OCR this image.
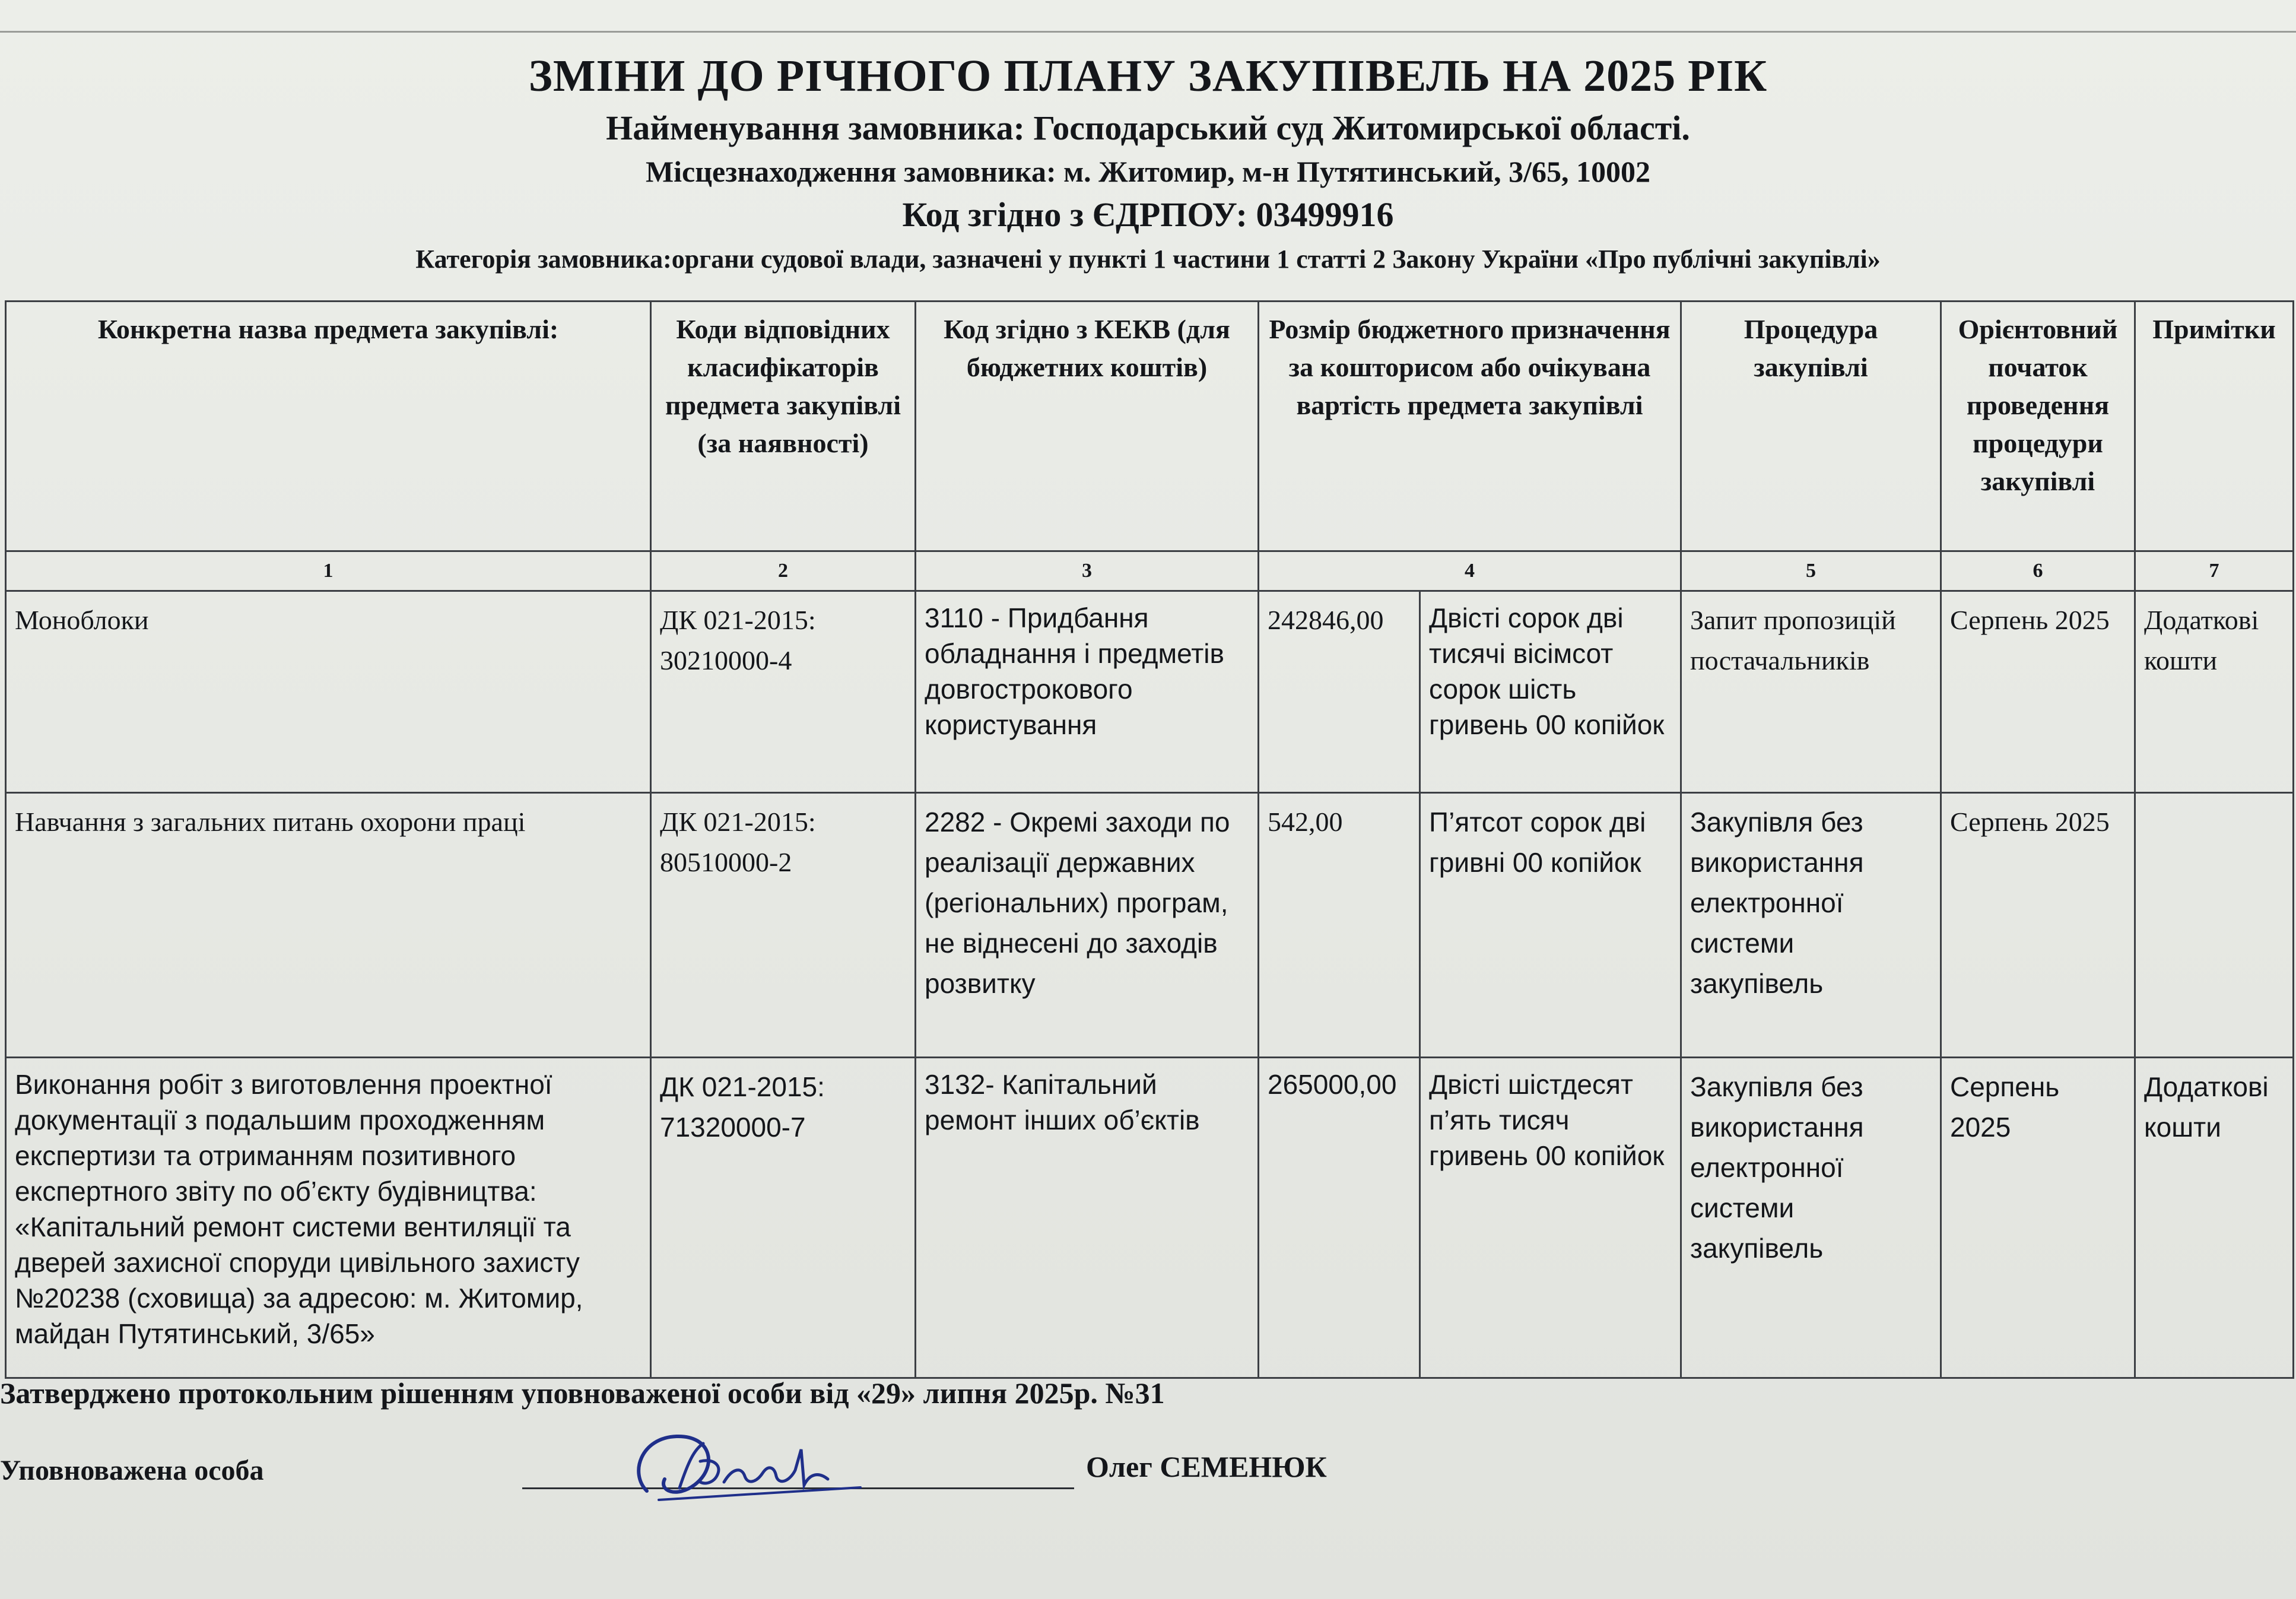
ЗМІНИ ДО РІЧНОГО ПЛАНУ ЗАКУПІВЕЛЬ НА 2025 РІК
Найменування замовника: Господарський суд Житомирської області.
Місцезнаходження замовника: м. Житомир, м-н Путятинський, 3/65, 10002
Код згідно з ЄДРПОУ: 03499916
Категорія замовника:органи судової влади, зазначені у пункті 1 частини 1 статті 2 Закону України «Про публічні закупівлі»
Конкретна назва предмета закупівлі:	Коди відповідних класифікаторів предмета закупівлі (за наявності)	Код згідно з КЕКВ (для бюджетних коштів)	Розмір бюджетного призначення за кошторисом або очікувана вартість предмета закупівлі		Процедура закупівлі	Орієнтовний початок проведення процедури закупівлі	Примітки
1	2	3	4		5	6	7
Моноблоки	ДК 021-2015: 30210000-4	3110 - Придбання обладнання і предметів довгострокового користування	242846,00	Двісті сорок дві тисячі вісімсот сорок шість гривень 00 копійок	Запит пропозицій постачальників	Серпень 2025	Додаткові кошти
Навчання з загальних питань охорони праці	ДК 021-2015: 80510000-2	2282 - Окремі заходи по реалізації державних (регіональних) програм, не віднесені до заходів розвитку	542,00	П’ятсот сорок дві гривні 00 копійок	Закупівля без використання електронної системи закупівель	Серпень 2025	
Виконання робіт з виготовлення проектної документації з подальшим проходженням експертизи та отриманням позитивного експертного звіту по об’єкту будівництва: «Капітальний ремонт системи вентиляції та дверей захисної споруди цивільного захисту №20238 (сховища) за адресою: м. Житомир, майдан Путятинський, 3/65»	ДК 021-2015: 71320000-7	3132- Капітальний ремонт інших об’єктів	265000,00	Двісті шістдесят п’ять тисяч гривень 00 копійок	Закупівля без використання електронної системи закупівель	Серпень 2025	Додаткові кошти
Затверджено протокольним рішенням уповноваженої особи від «29» липня 2025р. №31
Уповноважена особа	Олег СЕМЕНЮК
